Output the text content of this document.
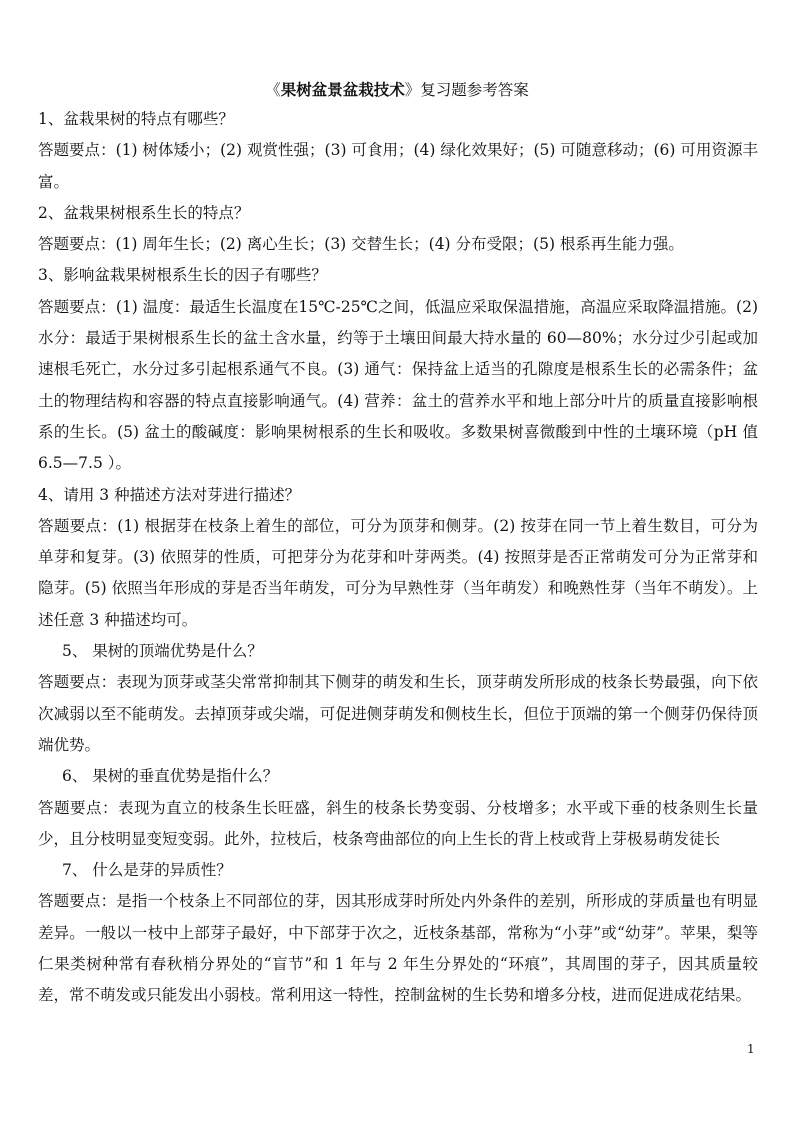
《果树盆景盆栽技术》复习题参考答案

1、盆栽果树的特点有哪些？

答题要点：(1) 树体矮小；(2) 观赏性强；(3) 可食用；(4) 绿化效果好；(5) 可随意移动；(6) 可用资源丰富。

2、盆栽果树根系生长的特点？

答题要点：(1) 周年生长；(2) 离心生长；(3) 交替生长；(4) 分布受限；(5) 根系再生能力强。

3、影响盆栽果树根系生长的因子有哪些？

答题要点：(1) 温度：最适生长温度在15℃-25℃之间，低温应采取保温措施，高温应采取降温措施。(2) 水分：最适于果树根系生长的盆土含水量，约等于土壤田间最大持水量的 60—80%；水分过少引起或加速根毛死亡，水分过多引起根系通气不良。(3) 通气：保持盆上适当的孔隙度是根系生长的必需条件；盆土的物理结构和容器的特点直接影响通气。(4) 营养：盆土的营养水平和地上部分叶片的质量直接影响根系的生长。(5) 盆土的酸碱度：影响果树根系的生长和吸收。多数果树喜微酸到中性的土壤环境（pH 值 6.5—7.5 ）。

4、请用 3 种描述方法对芽进行描述？

答题要点：(1) 根据芽在枝条上着生的部位，可分为顶芽和侧芽。(2) 按芽在同一节上着生数目，可分为单芽和复芽。(3) 依照芽的性质，可把芽分为花芽和叶芽两类。(4) 按照芽是否正常萌发可分为正常芽和隐芽。(5) 依照当年形成的芽是否当年萌发，可分为早熟性芽（当年萌发）和晚熟性芽（当年不萌发）。上述任意 3 种描述均可。

5、 果树的顶端优势是什么？

答题要点：表现为顶芽或茎尖常常抑制其下侧芽的萌发和生长，顶芽萌发所形成的枝条长势最强，向下依次减弱以至不能萌发。去掉顶芽或尖端，可促进侧芽萌发和侧枝生长，但位于顶端的第一个侧芽仍保待顶端优势。

6、 果树的垂直优势是指什么？

答题要点：表现为直立的枝条生长旺盛，斜生的枝条长势变弱、分枝增多；水平或下垂的枝条则生长量少，且分枝明显变短变弱。此外，拉枝后，枝条弯曲部位的向上生长的背上枝或背上芽极易萌发徒长

7、 什么是芽的异质性？

答题要点：是指一个枝条上不同部位的芽，因其形成芽时所处内外条件的差别，所形成的芽质量也有明显差异。一般以一枝中上部芽子最好，中下部芽于次之，近枝条基部，常称为“小芽”或“幼芽”。苹果，梨等仁果类树种常有春秋梢分界处的“盲节”和 1 年与 2 年生分界处的“环痕”，其周围的芽子，因其质量较差，常不萌发或只能发出小弱枝。常利用这一特性，控制盆树的生长势和增多分枝，进而促进成花结果。

1
